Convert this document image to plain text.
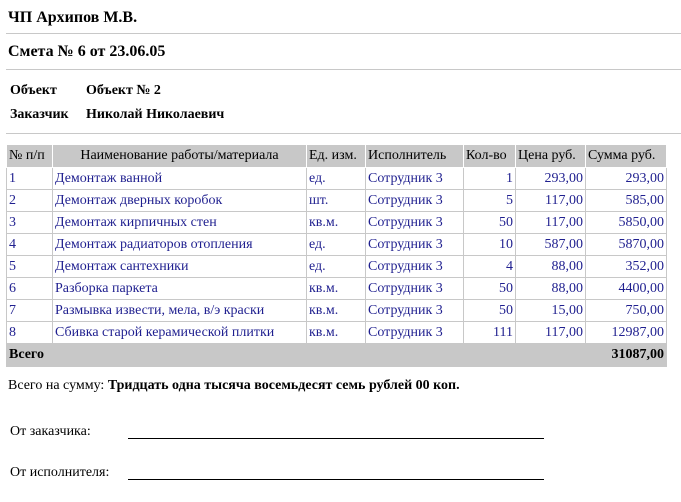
ЧП Архипов М.В.
Смета № 6 от 23.06.05
Объект Объект № 2
Заказчик Николай Николаевич
№ п/п	Наименование работы/материала	Ед. изм.	Исполнитель	Кол-во	Цена руб.	Сумма руб.
1	Демонтаж ванной	ед.	Сотрудник 3	1	293,00	293,00
2	Демонтаж дверных коробок	шт.	Сотрудник 3	5	117,00	585,00
3	Демонтаж кирпичных стен	кв.м.	Сотрудник 3	50	117,00	5850,00
4	Демонтаж радиаторов отопления	ед.	Сотрудник 3	10	587,00	5870,00
5	Демонтаж сантехники	ед.	Сотрудник 3	4	88,00	352,00
6	Разборка паркета	кв.м.	Сотрудник 3	50	88,00	4400,00
7	Размывка извести, мела, в/э краски	кв.м.	Сотрудник 3	50	15,00	750,00
8	Сбивка старой керамической плитки	кв.м.	Сотрудник 3	111	117,00	12987,00
Всего						31087,00
Всего на сумму: Тридцать одна тысяча восемьдесят семь рублей 00 коп.
От заказчика:
От исполнителя:
